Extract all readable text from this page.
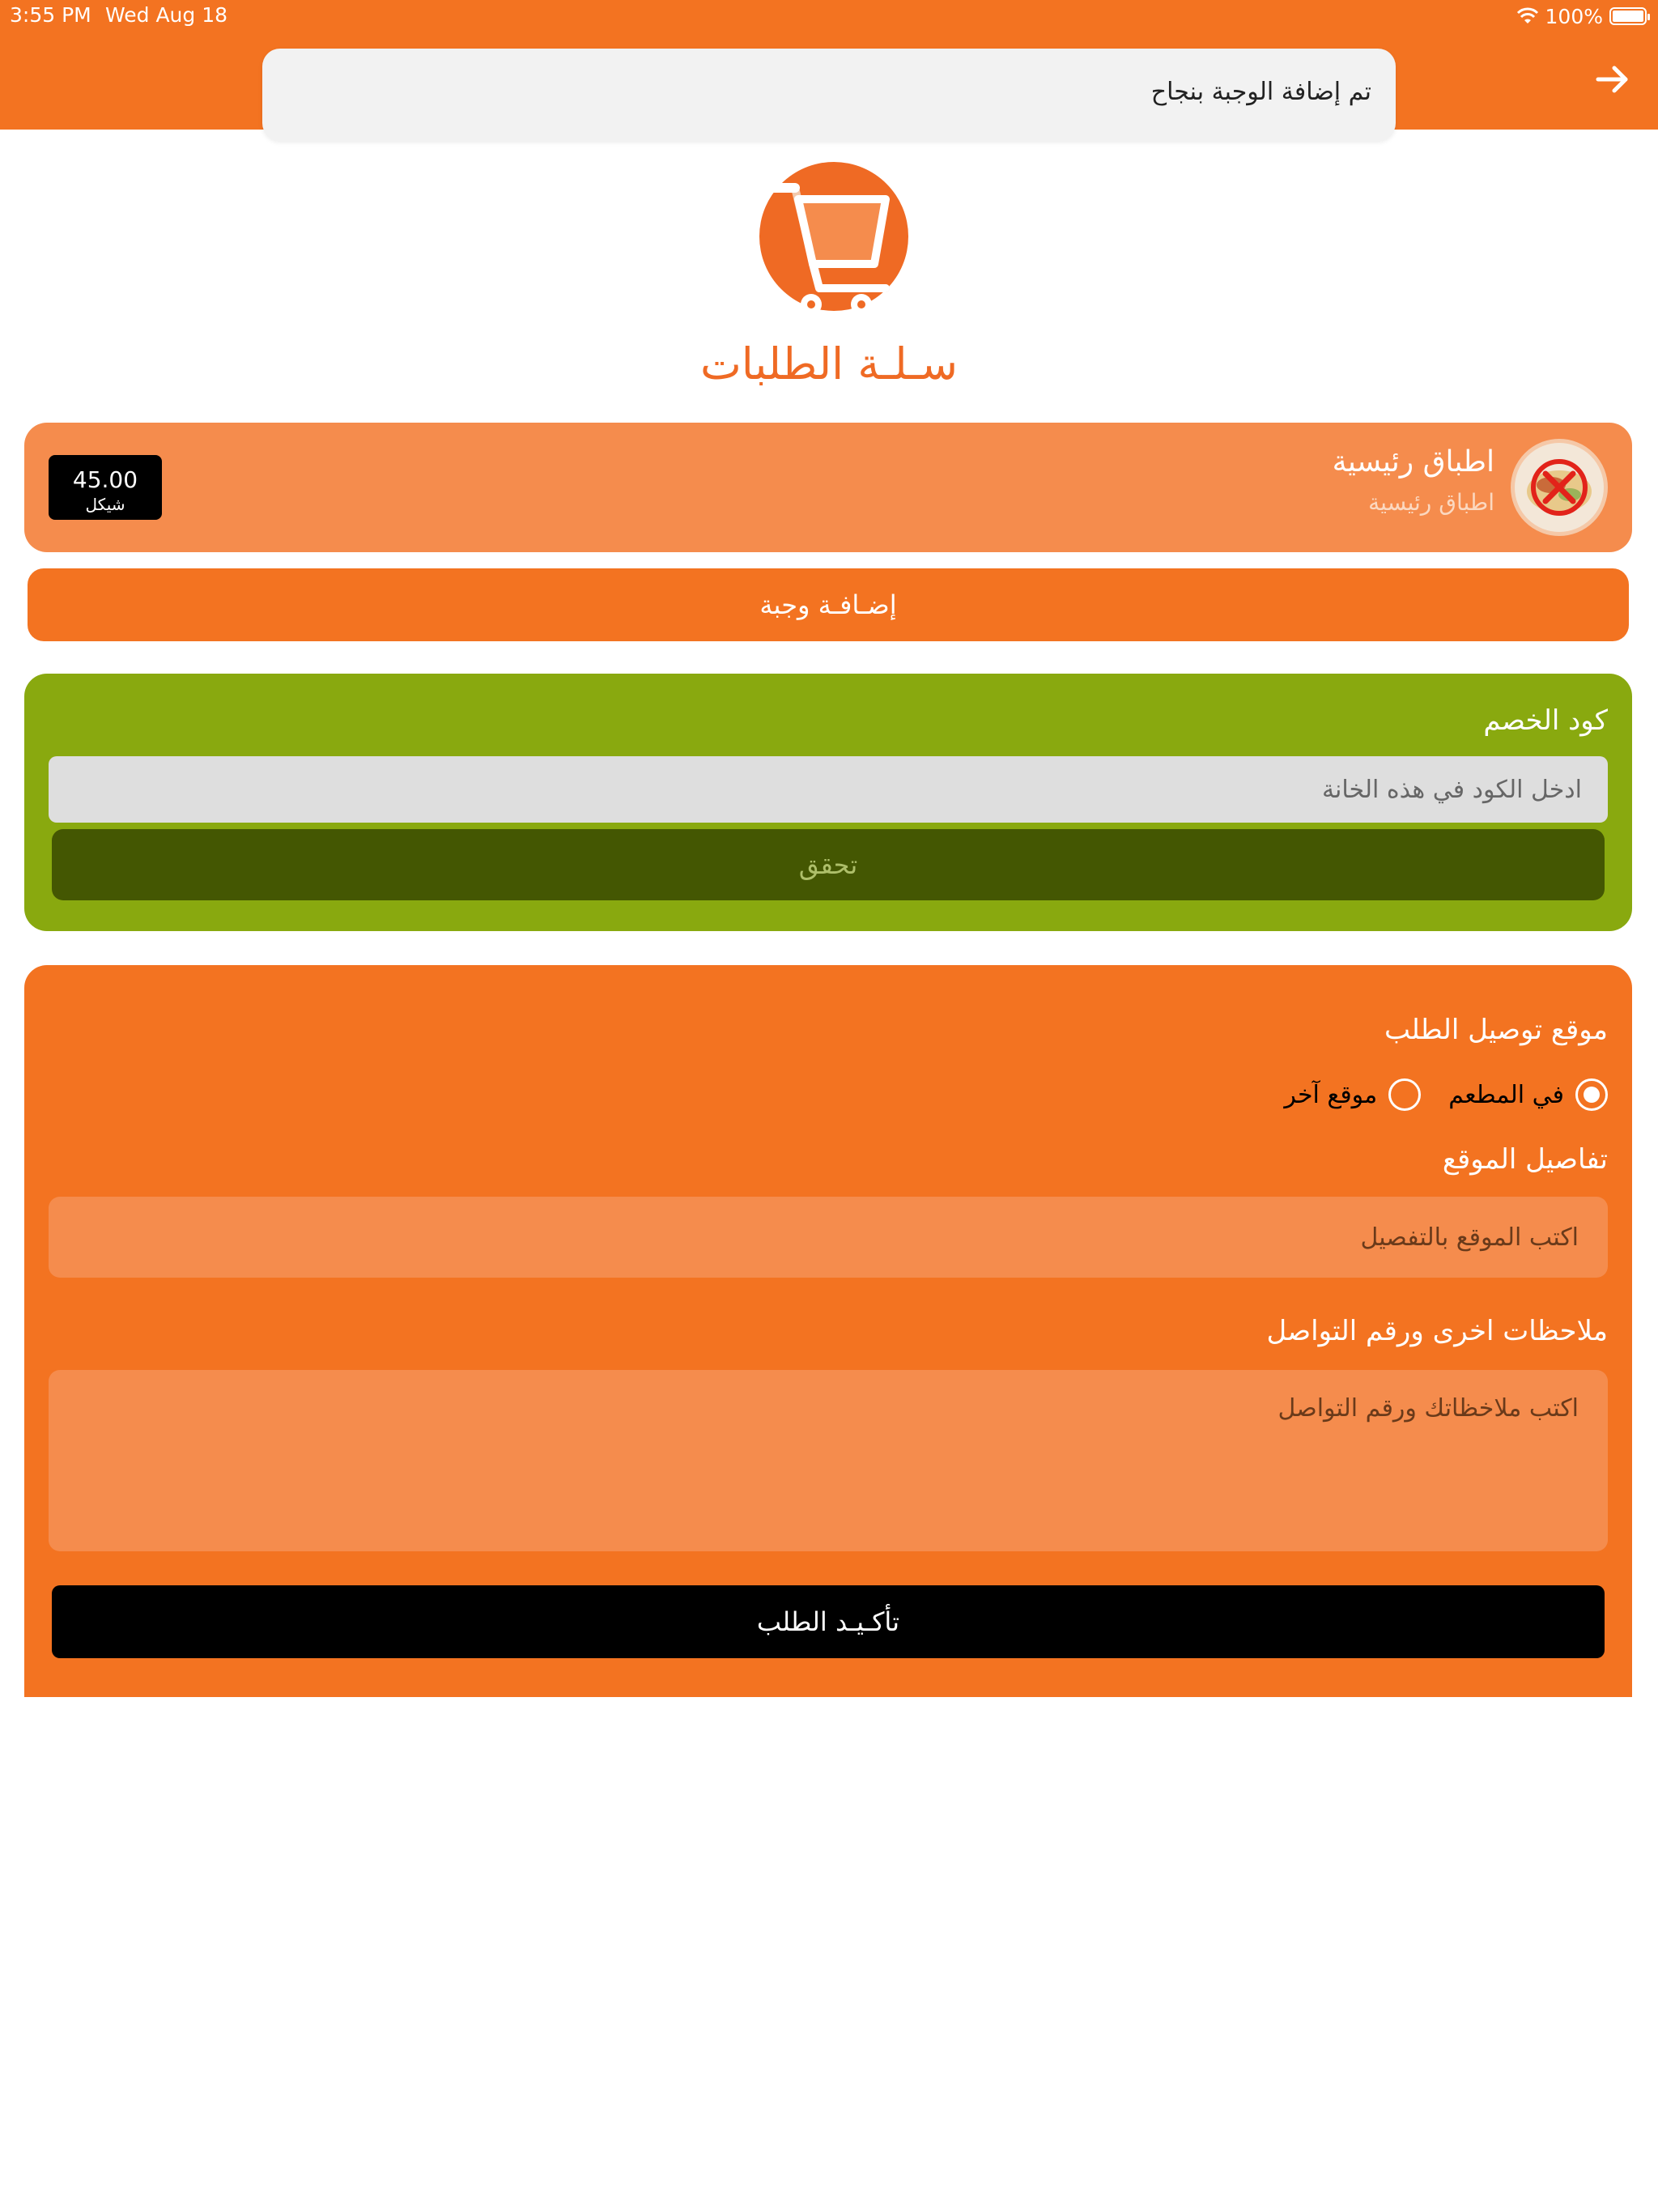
3:55 PM Wed Aug 18	100%
تم إضافة الوجبة بنجاح
سـلـة الطلبات
اطباق رئيسية
اطباق رئيسية
45.00
شيكل
إضـافـة وجبة
كود الخصم
ادخل الكود في هذه الخانة
تحقق
موقع توصيل الطلب
في المطعم
موقع آخر
تفاصيل الموقع
اكتب الموقع بالتفصيل
ملاحظات اخرى ورقم التواصل
اكتب ملاخظاتك ورقم التواصل
تأكـيـد الطلب
